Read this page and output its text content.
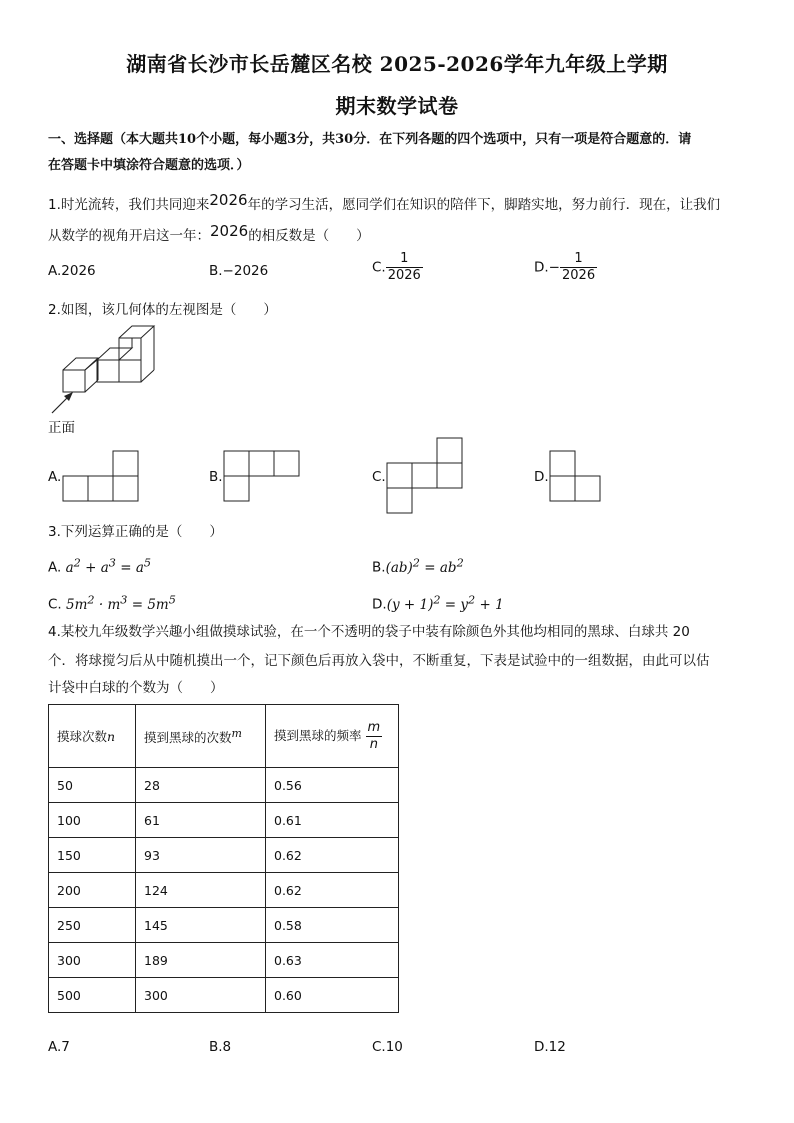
湖南省长沙市长岳麓区名校 2025-2026学年九年级上学期
期末数学试卷
一、选择题（本大题共10个小题，每小题3分，共30分．在下列各题的四个选项中，只有一项是符合题意的．请
在答题卡中填涂符合题意的选项．）
1.时光流转，我们共同迎来2026年的学习生活，愿同学们在知识的陪伴下，脚踏实地，努力前行．现在，让我们
从数学的视角开启这一年：2026的相反数是（　　）
A.2026	B.−2026	C. $\frac{1}{2026}$	$D.- \frac{1}{2026}$
2.如图，该几何体的左视图是（　　）
正面
A.	B.	C.	D.
3.下列运算正确的是（　　）
A. $a^2 + a^3 = a^5$	$B.(ab)^2 = ab^2$
C. $5m^2 \cdot m^3 = 5m^5$	$D.(y + 1)^2 = y^2 + 1$
4.某校九年级数学兴趣小组做摸球试验，在一个不透明的袋子中装有除颜色外其他均相同的黑球、白球共 20
个．将球搅匀后从中随机摸出一个，记下颜色后再放入袋中，不断重复，下表是试验中的一组数据，由此可以估
计袋中白球的个数为（　　）
摸球次数n	摸到黑球的次数m	摸到黑球的频率 $\frac{m}{n}$

50	28	0.56
100	61	0.61
150	93	0.62
200	124	0.62
250	145	0.58
300	189	0.63
500	300	0.60
A.7	B.8	C.10	D.12
